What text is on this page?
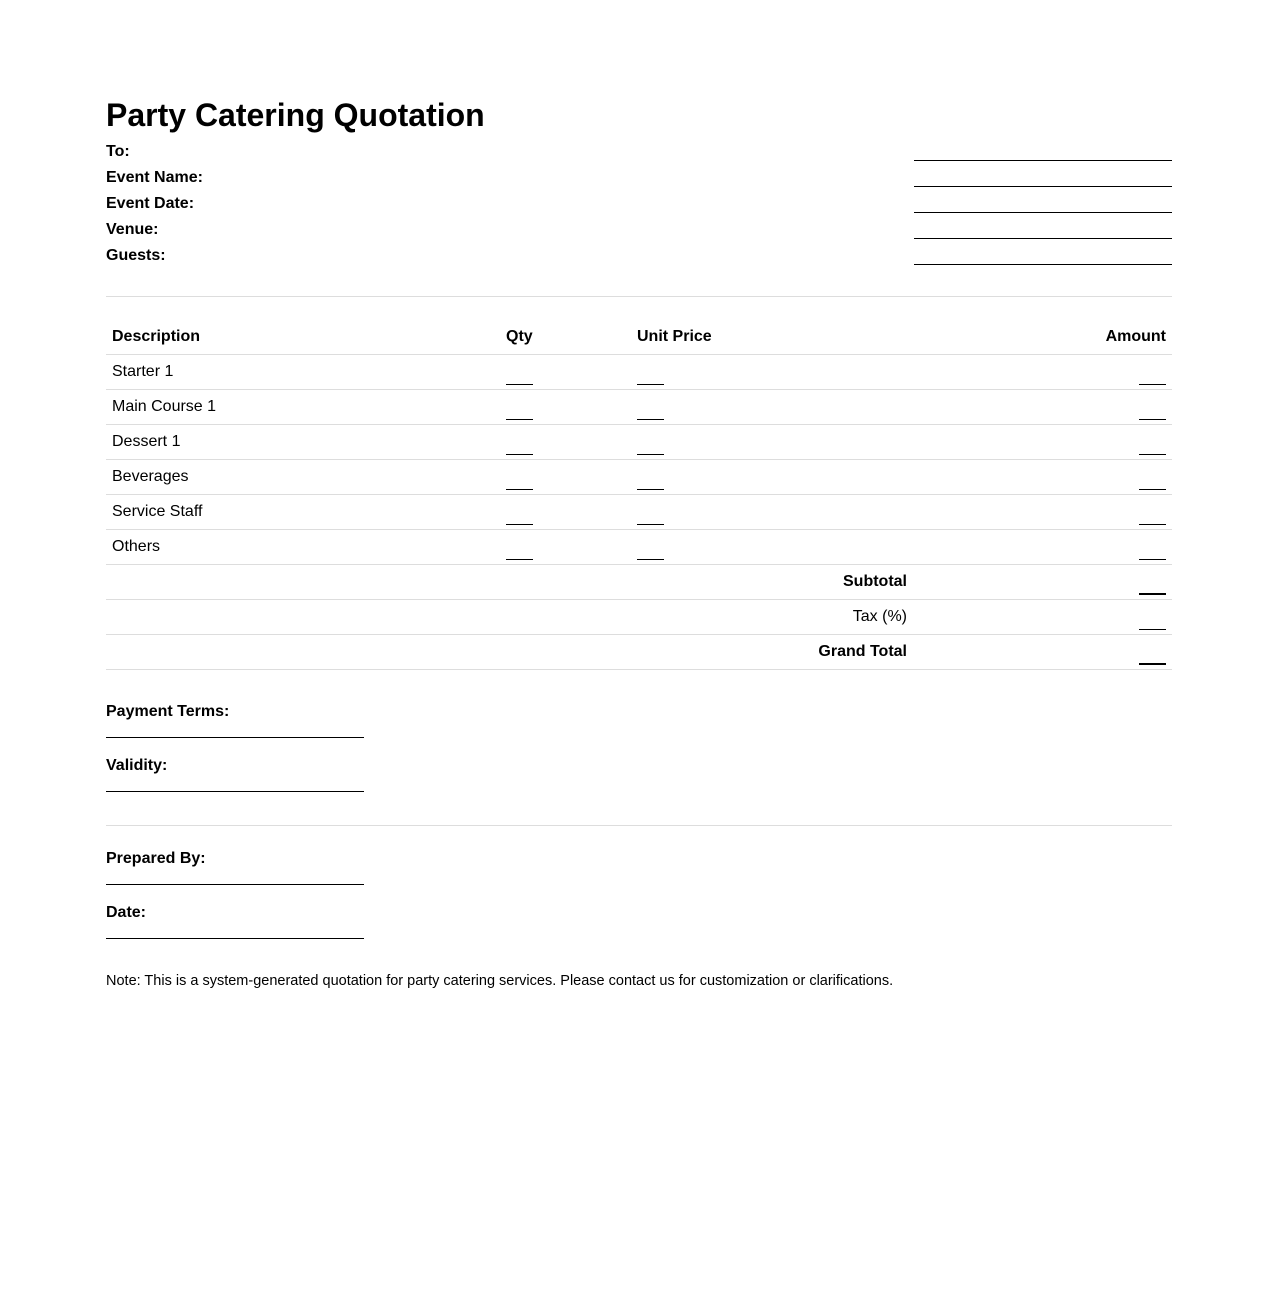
Party Catering Quotation
To:
Event Name:
Event Date:
Venue:
Guests:
Description	Qty	Unit Price	Amount
Starter 1			
Main Course 1			
Dessert 1			
Beverages			
Service Staff			
Others			
Subtotal			
Tax (%)			
Grand Total			
Payment Terms:
Validity:
Prepared By:
Date:
Note: This is a system-generated quotation for party catering services. Please contact us for customization or clarifications.
